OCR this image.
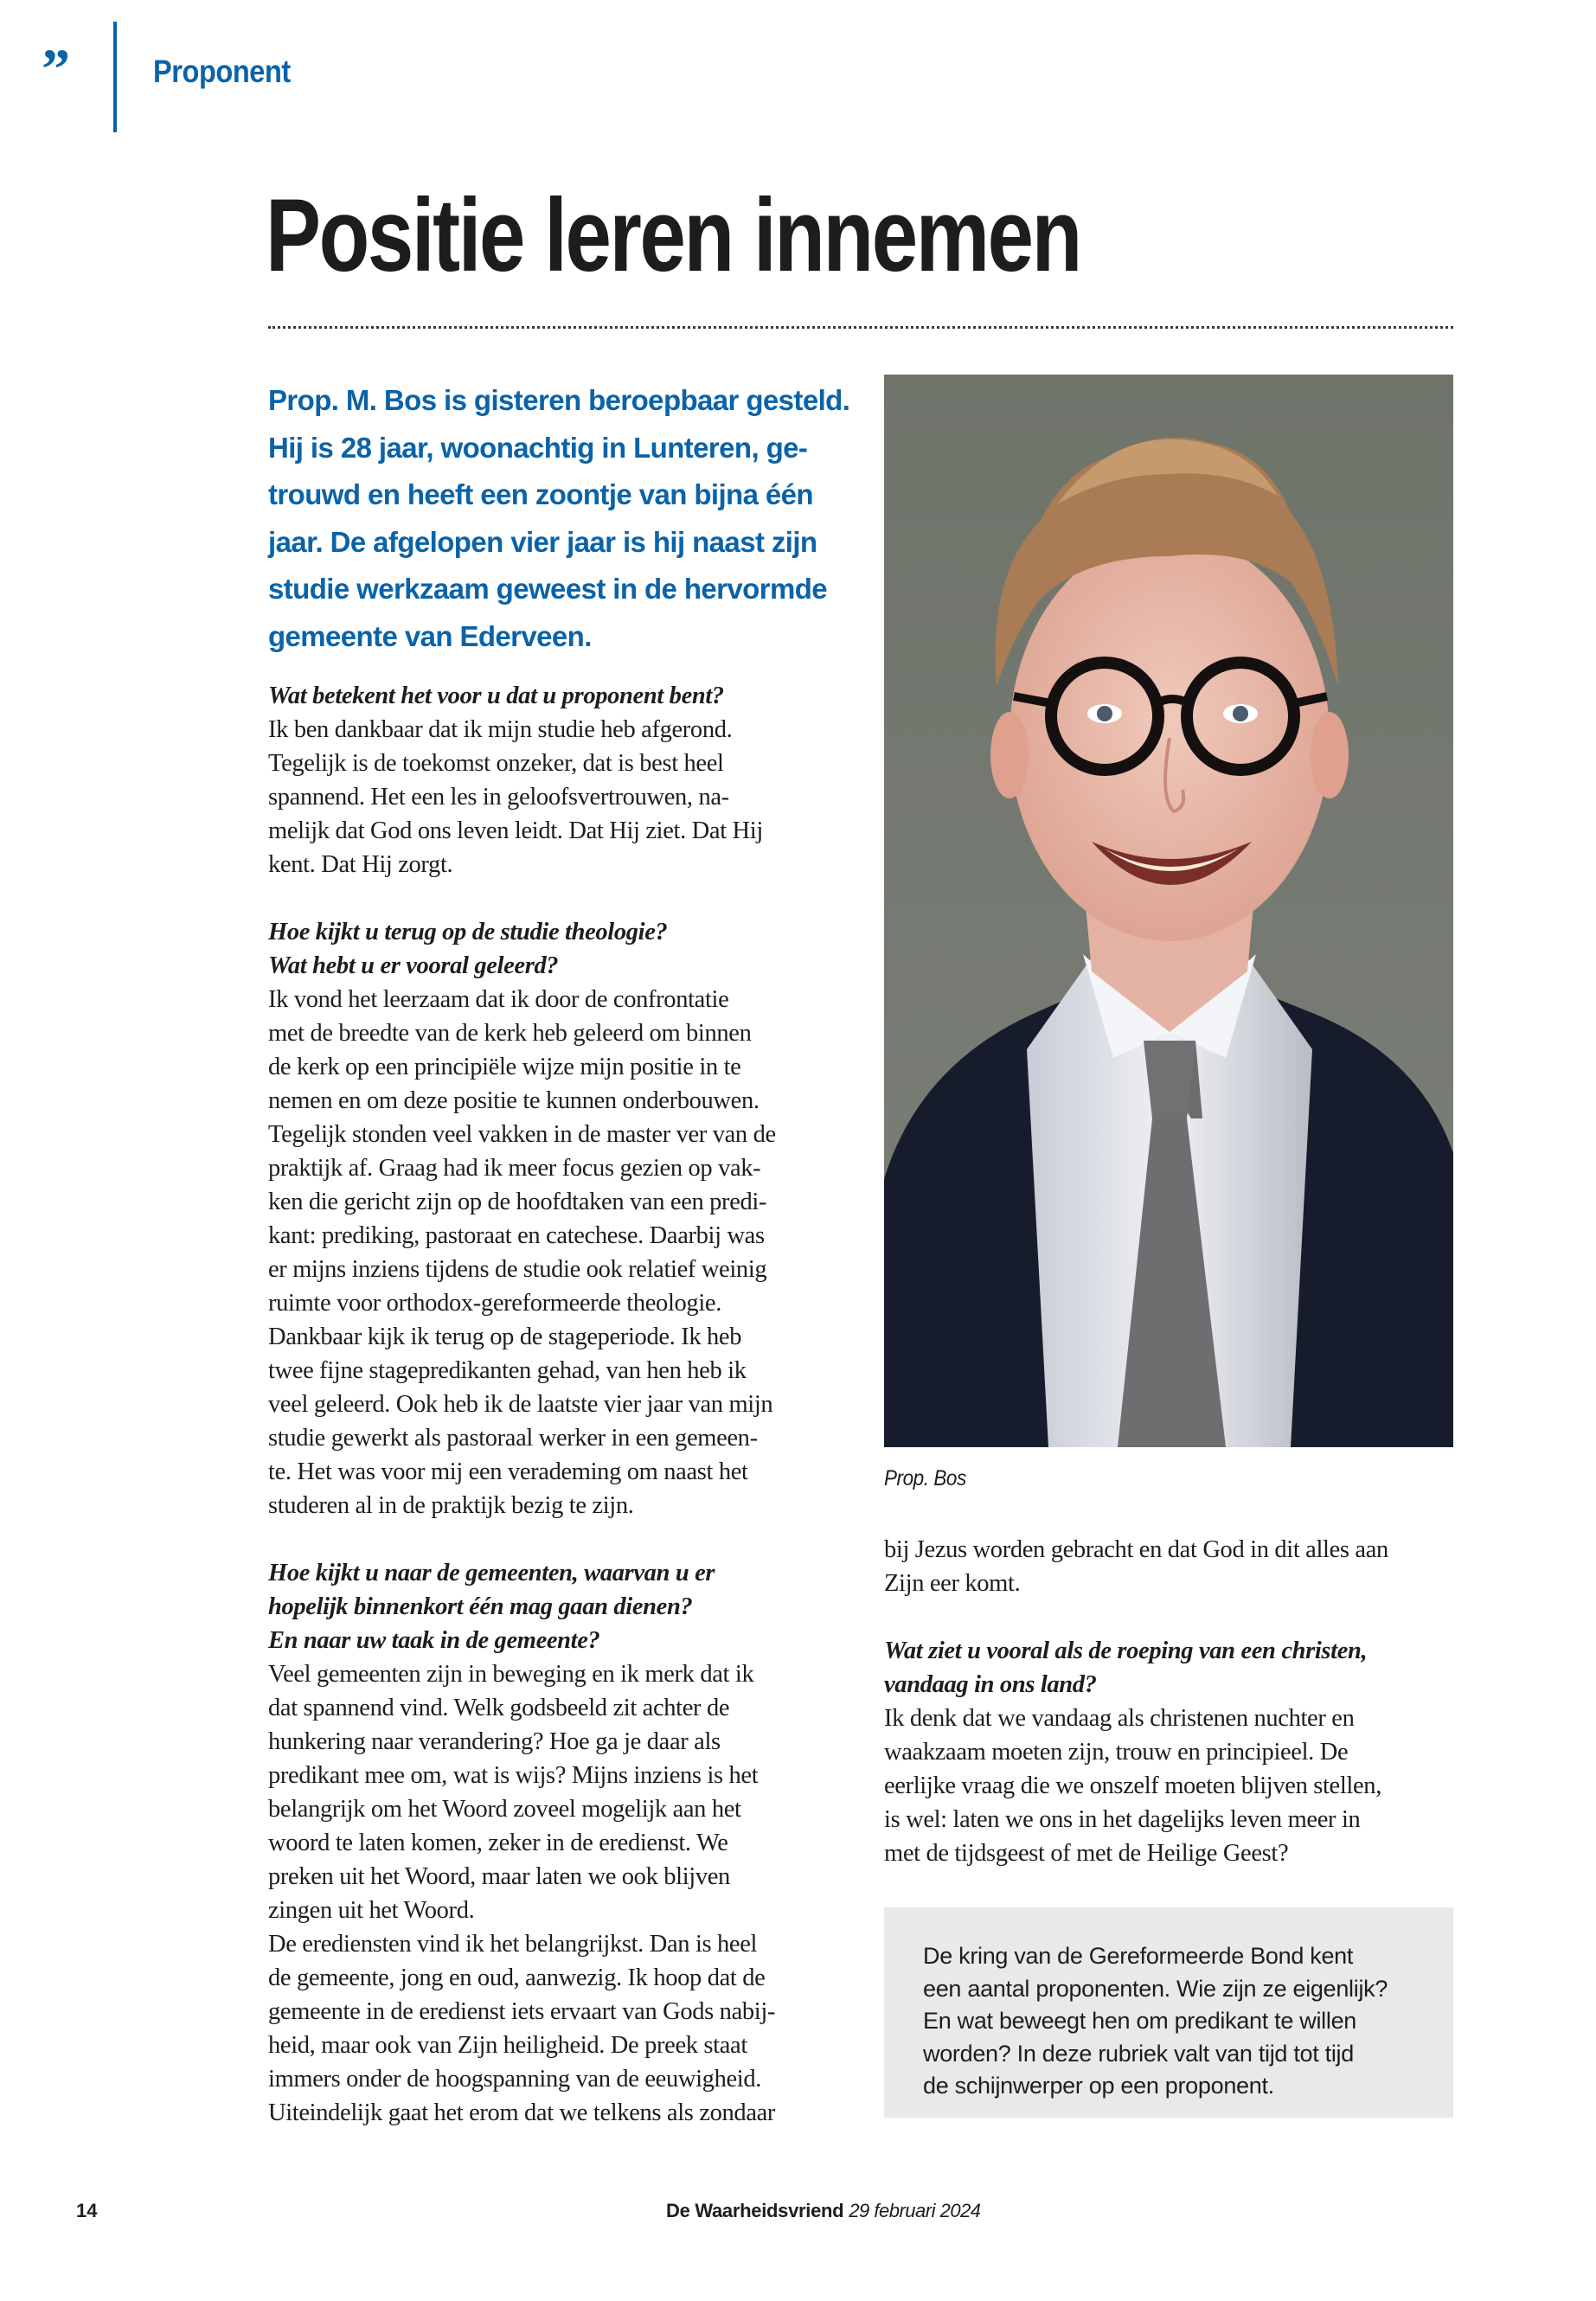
”	Proponent
Positie leren innemen
Prop. M. Bos is gisteren beroepbaar gesteld.
Hij is 28 jaar, woonachtig in Lunteren, ge-
trouwd en heeft een zoontje van bijna één
jaar. De afgelopen vier jaar is hij naast zijn
studie werkzaam geweest in de hervormde
gemeente van Ederveen.
Wat betekent het voor u dat u proponent bent?
Ik ben dankbaar dat ik mijn studie heb afgerond.
Tegelijk is de toekomst onzeker, dat is best heel
spannend. Het een les in geloofsvertrouwen, na-
melijk dat God ons leven leidt. Dat Hij ziet. Dat Hij
kent. Dat Hij zorgt.
Hoe kijkt u terug op de studie theologie?
Wat hebt u er vooral geleerd?
Ik vond het leerzaam dat ik door de confrontatie
met de breedte van de kerk heb geleerd om binnen
de kerk op een principiële wijze mijn positie in te
nemen en om deze positie te kunnen onderbouwen.
Tegelijk stonden veel vakken in de master ver van de
praktijk af. Graag had ik meer focus gezien op vak-
ken die gericht zijn op de hoofdtaken van een predi-
kant: prediking, pastoraat en catechese. Daarbij was
er mijns inziens tijdens de studie ook relatief weinig
ruimte voor orthodox-gereformeerde theologie.
Dankbaar kijk ik terug op de stageperiode. Ik heb
twee fijne stagepredikanten gehad, van hen heb ik
veel geleerd. Ook heb ik de laatste vier jaar van mijn
studie gewerkt als pastoraal werker in een gemeen-
te. Het was voor mij een verademing om naast het
studeren al in de praktijk bezig te zijn.
Hoe kijkt u naar de gemeenten, waarvan u er
hopelijk binnenkort één mag gaan dienen?
En naar uw taak in de gemeente?
Veel gemeenten zijn in beweging en ik merk dat ik
dat spannend vind. Welk godsbeeld zit achter de
hunkering naar verandering? Hoe ga je daar als
predikant mee om, wat is wijs? Mijns inziens is het
belangrijk om het Woord zoveel mogelijk aan het
woord te laten komen, zeker in de eredienst. We
preken uit het Woord, maar laten we ook blijven
zingen uit het Woord.
De erediensten vind ik het belangrijkst. Dan is heel
de gemeente, jong en oud, aanwezig. Ik hoop dat de
gemeente in de eredienst iets ervaart van Gods nabij-
heid, maar ook van Zijn heiligheid. De preek staat
immers onder de hoogspanning van de eeuwigheid.
Uiteindelijk gaat het erom dat we telkens als zondaar
Prop. Bos
bij Jezus worden gebracht en dat God in dit alles aan
Zijn eer komt.
Wat ziet u vooral als de roeping van een christen,
vandaag in ons land?
Ik denk dat we vandaag als christenen nuchter en
waakzaam moeten zijn, trouw en principieel. De
eerlijke vraag die we onszelf moeten blijven stellen,
is wel: laten we ons in het dagelijks leven meer in
met de tijdsgeest of met de Heilige Geest?
De kring van de Gereformeerde Bond kent
een aantal proponenten. Wie zijn ze eigenlijk?
En wat beweegt hen om predikant te willen
worden? In deze rubriek valt van tijd tot tijd
de schijnwerper op een proponent.
14	De Waarheidsvriend 29 februari 2024
